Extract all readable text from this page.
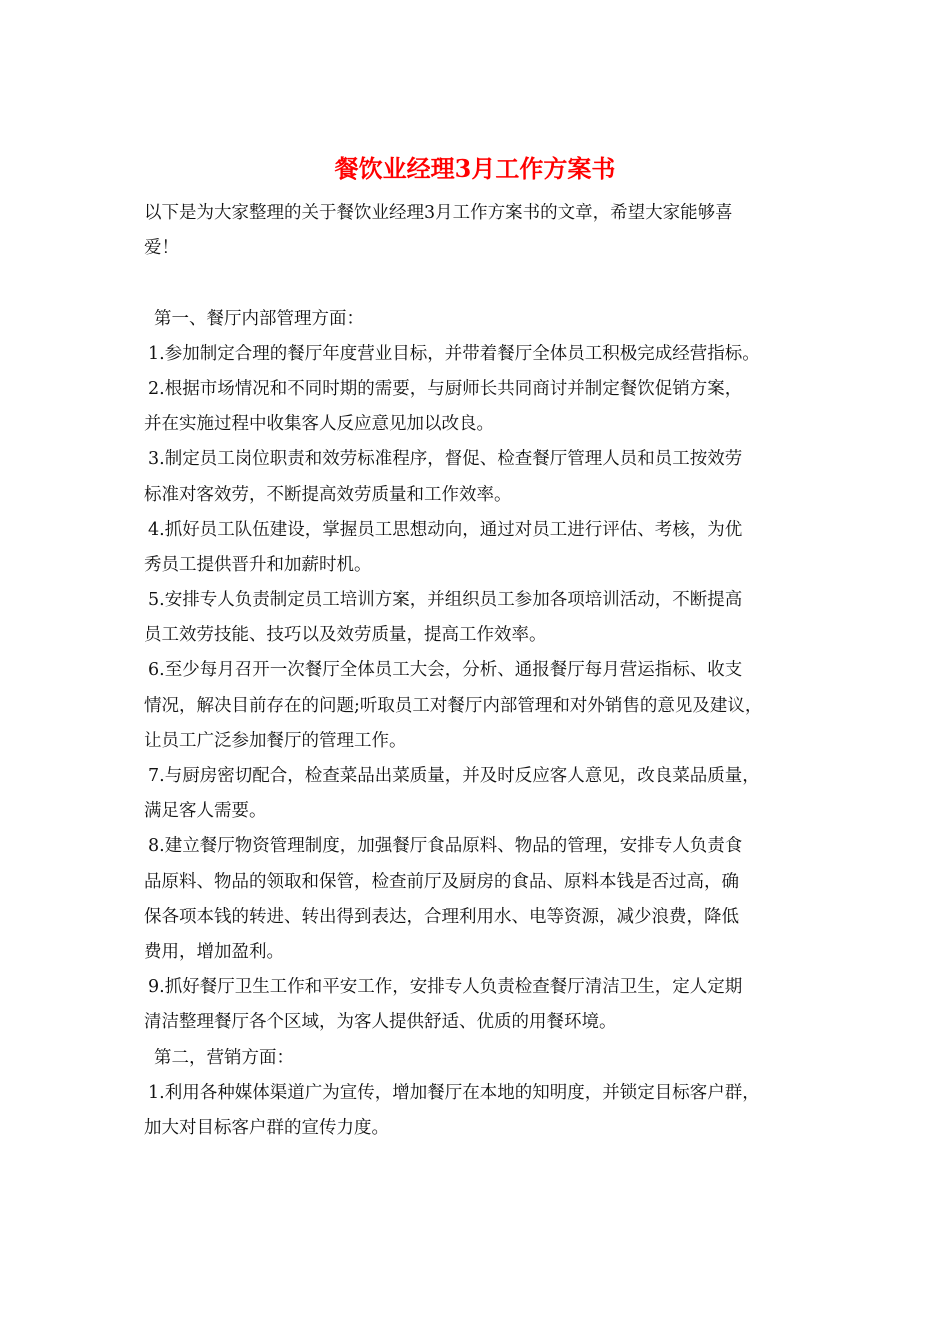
餐饮业经理3月工作方案书
以下是为大家整理的关于餐饮业经理3月工作方案书的文章，希望大家能够喜
爱！
第一、餐厅内部管理方面：
1.参加制定合理的餐厅年度营业目标，并带着餐厅全体员工积极完成经营指标。
2.根据市场情况和不同时期的需要，与厨师长共同商讨并制定餐饮促销方案，
并在实施过程中收集客人反应意见加以改良。
3.制定员工岗位职责和效劳标准程序，督促、检查餐厅管理人员和员工按效劳
标准对客效劳，不断提高效劳质量和工作效率。
4.抓好员工队伍建设，掌握员工思想动向，通过对员工进行评估、考核，为优
秀员工提供晋升和加薪时机。
5.安排专人负责制定员工培训方案，并组织员工参加各项培训活动，不断提高
员工效劳技能、技巧以及效劳质量，提高工作效率。
6.至少每月召开一次餐厅全体员工大会，分析、通报餐厅每月营运指标、收支
情况，解决目前存在的问题;听取员工对餐厅内部管理和对外销售的意见及建议，
让员工广泛参加餐厅的管理工作。
7.与厨房密切配合，检查菜品出菜质量，并及时反应客人意见，改良菜品质量，
满足客人需要。
8.建立餐厅物资管理制度，加强餐厅食品原料、物品的管理，安排专人负责食
品原料、物品的领取和保管，检查前厅及厨房的食品、原料本钱是否过高，确
保各项本钱的转进、转出得到表达，合理利用水、电等资源，减少浪费，降低
费用，增加盈利。
9.抓好餐厅卫生工作和平安工作，安排专人负责检查餐厅清洁卫生，定人定期
清洁整理餐厅各个区域，为客人提供舒适、优质的用餐环境。
第二，营销方面：
1.利用各种媒体渠道广为宣传，增加餐厅在本地的知明度，并锁定目标客户群，
加大对目标客户群的宣传力度。
